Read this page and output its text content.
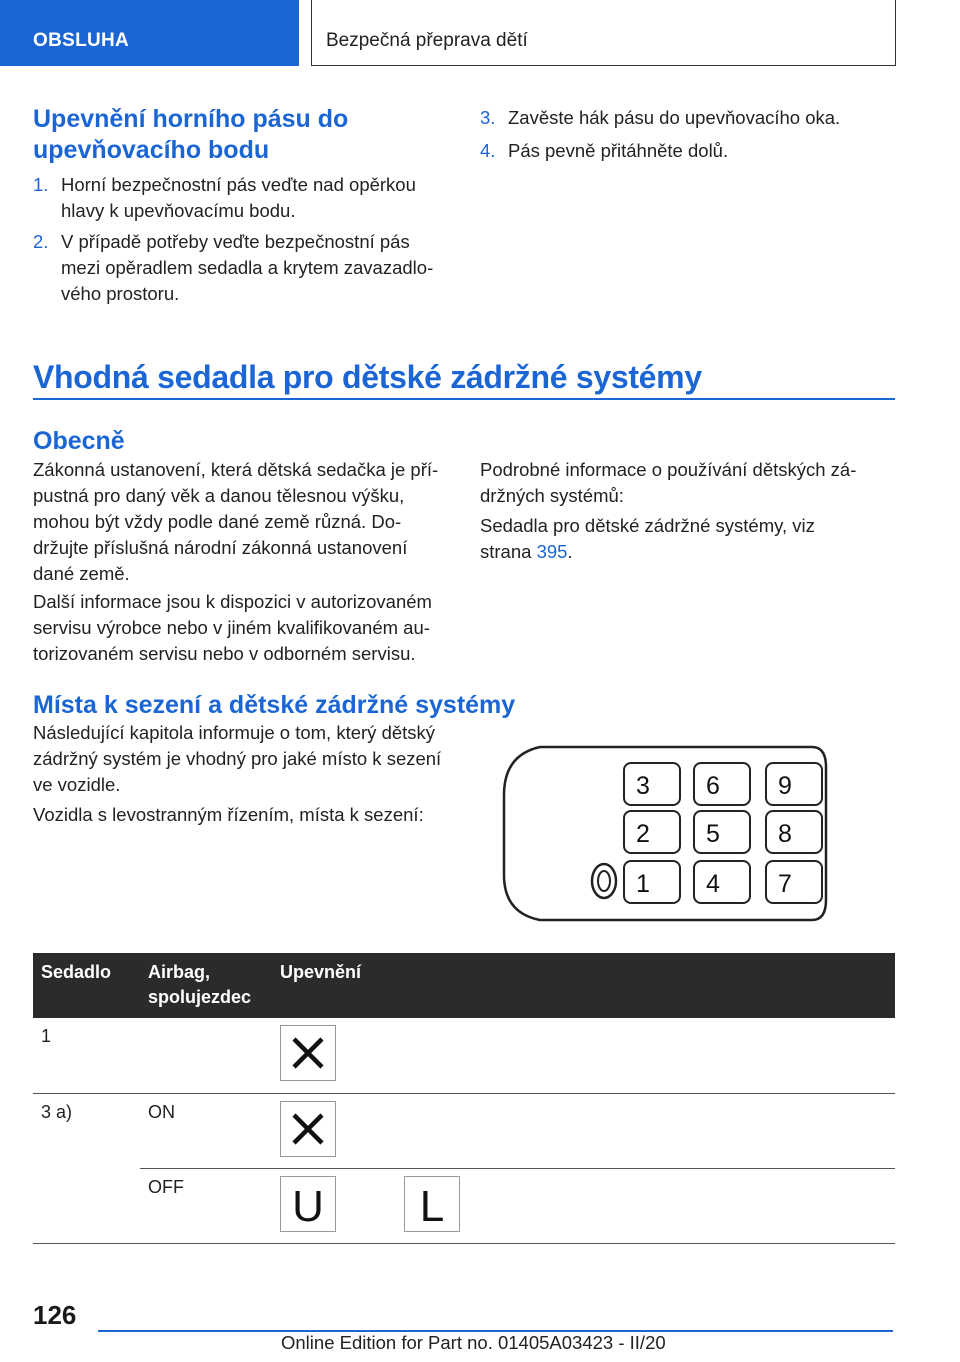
OBSLUHA	Bezpečná přeprava dětí
Upevnění horního pásu do upevňovacího bodu
1. Horní bezpečnostní pás veďte nad opěrkou hlavy k upevňovacímu bodu.
2. V případě potřeby veďte bezpečnostní pás mezi opěradlem sedadla a krytem zavazadlového prostoru.
3. Zavěste hák pásu do upevňovacího oka.
4. Pás pevně přitáhněte dolů.
Vhodná sedadla pro dětské zádržné systémy
Obecně

Zákonná ustanovení, která dětská sedačka je přípustná pro daný věk a danou tělesnou výšku, mohou být vždy podle dané země různá. Dodržujte příslušná národní zákonná ustanovení dané země.

Další informace jsou k dispozici v autorizovaném servisu výrobce nebo v jiném kvalifikovaném autorizovaném servisu nebo v odborném servisu.

Podrobné informace o používání dětských zádržných systémů:

Sedadla pro dětské zádržné systémy, viz strana 395.

Místa k sezení a dětské zádržné systémy

Následující kapitola informuje o tom, který dětský zádržný systém je vhodný pro jaké místo k sezení ve vozidle.

Vozidla s levostranným řízením, místa k sezení:

3 6 9
2 5 8
1 4 7
Sedadlo	Airbag, spolujezdec	Upevnění
1		
3 a)	ON	
	OFF	U L
126
Online Edition for Part no. 01405A03423 - II/20
